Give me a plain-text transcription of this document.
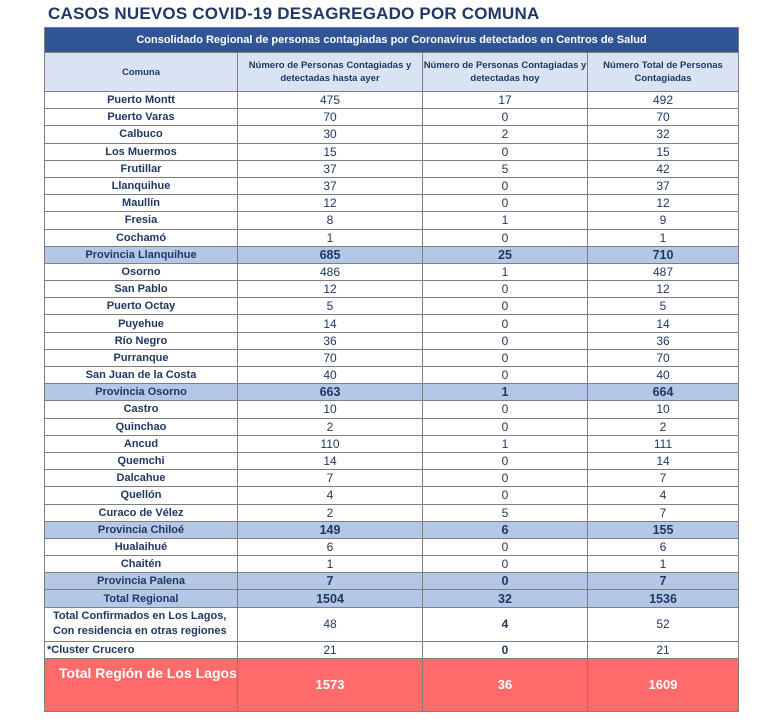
CASOS NUEVOS COVID-19 DESAGREGADO POR COMUNA
Consolidado Regional de personas contagiadas por Coronavirus detectados en Centros de Salud			
Comuna	Número de Personas Contagiadas y detectadas hasta ayer	Número de Personas Contagiadas y detectadas hoy	Número Total de Personas Contagiadas
Puerto Montt	475	17	492
Puerto Varas	70	0	70
Calbuco	30	2	32
Los Muermos	15	0	15
Frutillar	37	5	42
Llanquihue	37	0	37
Maullín	12	0	12
Fresia	8	1	9
Cochamó	1	0	1
Provincia Llanquihue	685	25	710
Osorno	486	1	487
San Pablo	12	0	12
Puerto Octay	5	0	5
Puyehue	14	0	14
Río Negro	36	0	36
Purranque	70	0	70
San Juan de la Costa	40	0	40
Provincia Osorno	663	1	664
Castro	10	0	10
Quinchao	2	0	2
Ancud	110	1	111
Quemchi	14	0	14
Dalcahue	7	0	7
Quellón	4	0	4
Curaco de Vélez	2	5	7
Provincia Chiloé	149	6	155
Hualaihué	6	0	6
Chaitén	1	0	1
Provincia Palena	7	0	7
Total Regional	1504	32	1536
Total Confirmados en Los Lagos,
Con residencia en otras regiones	48	4	52
*Cluster Crucero	21	0	21
Total Región de Los Lagos	1573	36	1609
